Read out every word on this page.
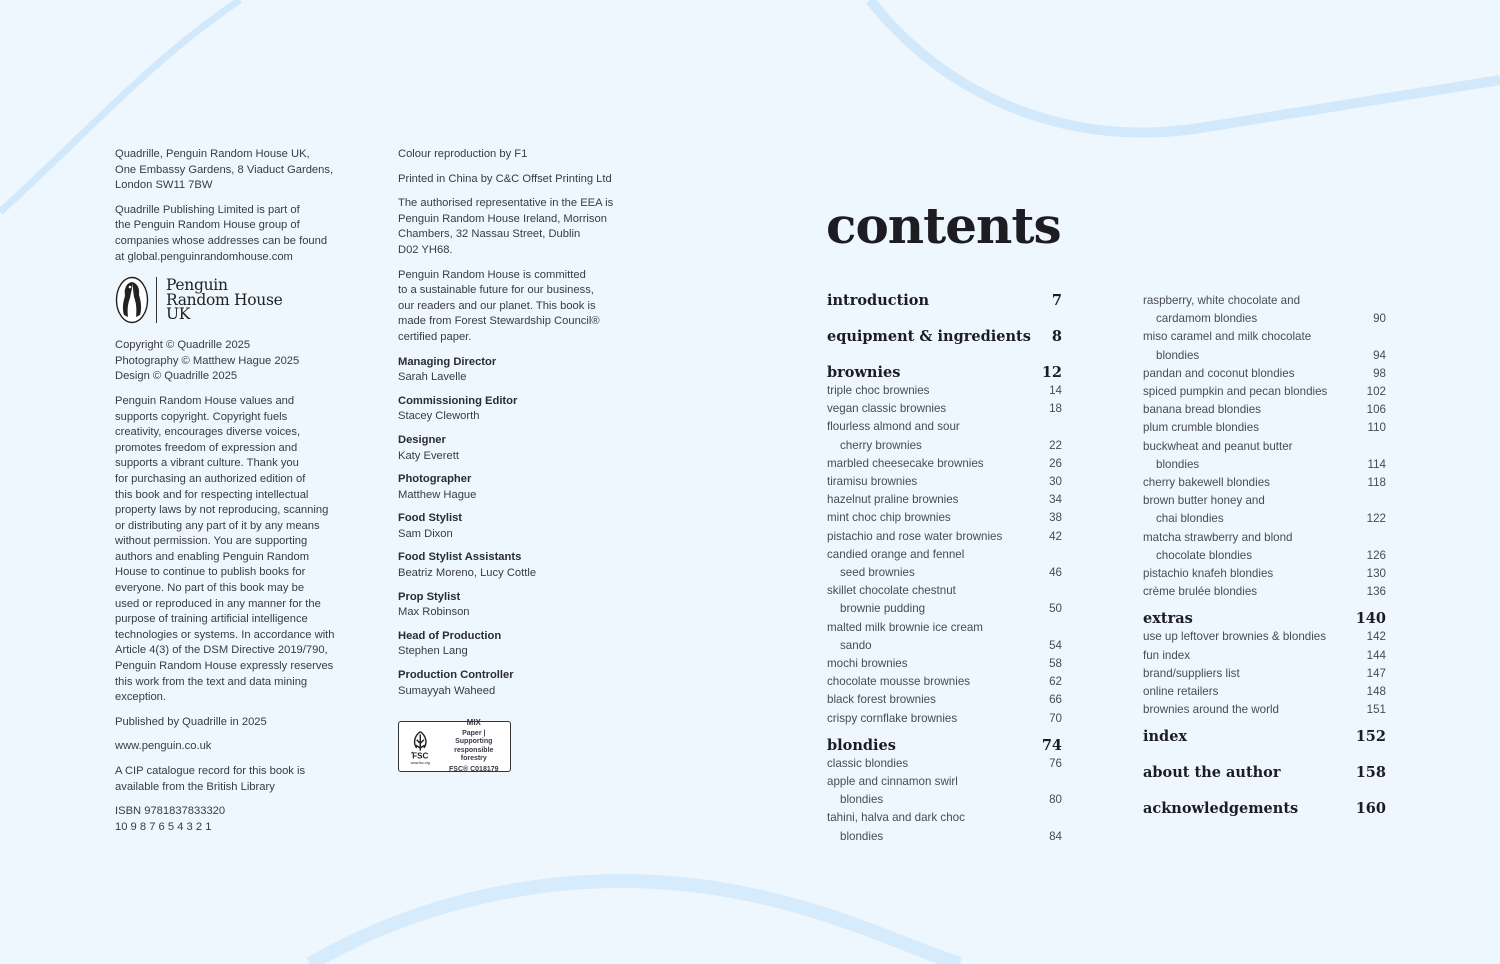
Quadrille, Penguin Random House UK,
One Embassy Gardens, 8 Viaduct Gardens,
London SW11 7BW

Quadrille Publishing Limited is part of
the Penguin Random House group of
companies whose addresses can be found
at global.penguinrandomhouse.com

Penguin
Random House
UK

Copyright © Quadrille 2025
Photography © Matthew Hague 2025
Design © Quadrille 2025

Penguin Random House values and
supports copyright. Copyright fuels
creativity, encourages diverse voices,
promotes freedom of expression and
supports a vibrant culture. Thank you
for purchasing an authorized edition of
this book and for respecting intellectual
property laws by not reproducing, scanning
or distributing any part of it by any means
without permission. You are supporting
authors and enabling Penguin Random
House to continue to publish books for
everyone. No part of this book may be
used or reproduced in any manner for the
purpose of training artificial intelligence
technologies or systems. In accordance with
Article 4(3) of the DSM Directive 2019/790,
Penguin Random House expressly reserves
this work from the text and data mining
exception.

Published by Quadrille in 2025

www.penguin.co.uk

A CIP catalogue record for this book is
available from the British Library

ISBN 9781837833320
10 9 8 7 6 5 4 3 2 1

Colour reproduction by F1

Printed in China by C&C Offset Printing Ltd

The authorised representative in the EEA is
Penguin Random House Ireland, Morrison
Chambers, 32 Nassau Street, Dublin
D02 YH68.

Penguin Random House is committed
to a sustainable future for our business,
our readers and our planet. This book is
made from Forest Stewardship Council®
certified paper.

Managing Director
Sarah Lavelle
Commissioning Editor
Stacey Cleworth
Designer
Katy Everett
Photographer
Matthew Hague
Food Stylist
Sam Dixon
Food Stylist Assistants
Beatriz Moreno, Lucy Cottle
Prop Stylist
Max Robinson
Head of Production
Stephen Lang
Production Controller
Sumayyah Waheed
FSC
www.fsc.org
MIX
Paper | Supporting
responsible forestry
FSC® C018179
contents
introduction	7
equipment & ingredients 8
brownies	12
triple choc brownies	14
vegan classic brownies	18
flourless almond and sour
cherry brownies	22
marbled cheesecake brownies	26
tiramisu brownies	30
hazelnut praline brownies	34
mint choc chip brownies	38
pistachio and rose water brownies	42
candied orange and fennel
seed brownies	46
skillet chocolate chestnut
brownie pudding	50
malted milk brownie ice cream
sando	54
mochi brownies	58
chocolate mousse brownies	62
black forest brownies	66
crispy cornflake brownies	70
blondies	74
classic blondies	76
apple and cinnamon swirl
blondies	80
tahini, halva and dark choc
blondies	84
raspberry, white chocolate and
cardamom blondies	90
miso caramel and milk chocolate
blondies	94
pandan and coconut blondies	98
spiced pumpkin and pecan blondies	102
banana bread blondies	106
plum crumble blondies	110
buckwheat and peanut butter
blondies	114
cherry bakewell blondies	118
brown butter honey and
chai blondies	122
matcha strawberry and blond
chocolate blondies	126
pistachio knafeh blondies	130
crème brulée blondies	136
extras	140
use up leftover brownies & blondies	142
fun index	144
brand/suppliers list	147
online retailers	148
brownies around the world	151
index	152
about the author	158
acknowledgements	160
